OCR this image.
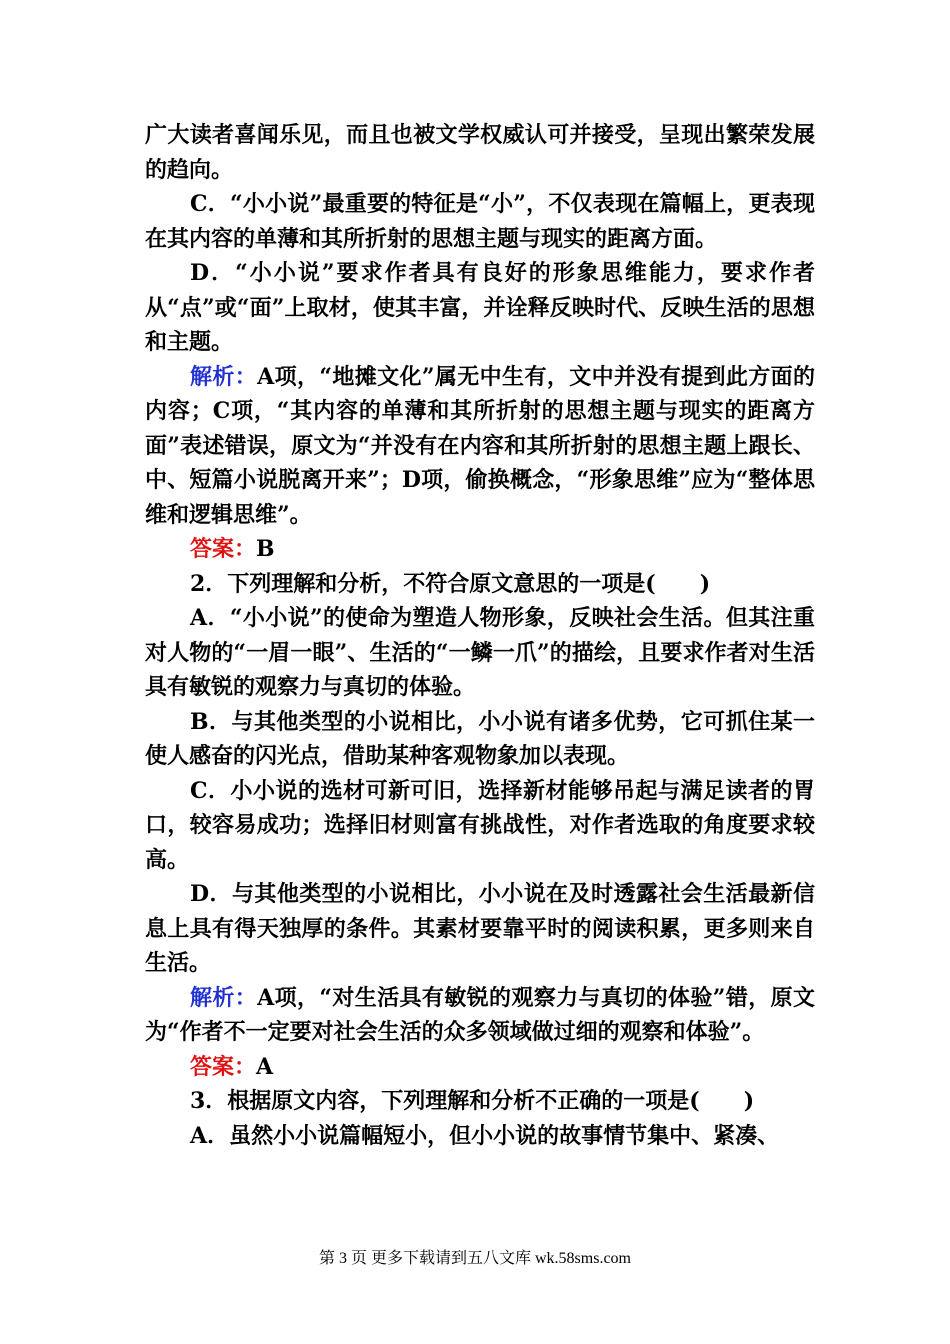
广大读者喜闻乐见，而且也被文学权威认可并接受，呈现出繁荣发展的趋向。

C．“小小说”最重要的特征是“小”，不仅表现在篇幅上，更表现在其内容的单薄和其所折射的思想主题与现实的距离方面。

D．“小小说”要求作者具有良好的形象思维能力，要求作者从“点”或“面”上取材，使其丰富，并诠释反映时代、反映生活的思想和主题。

解析：A项，“地摊文化”属无中生有，文中并没有提到此方面的内容；C项，“其内容的单薄和其所折射的思想主题与现实的距离方面”表述错误，原文为“并没有在内容和其所折射的思想主题上跟长、中、短篇小说脱离开来”；D项，偷换概念，“形象思维”应为“整体思维和逻辑思维”。

答案：B

2．下列理解和分析，不符合原文意思的一项是(　　)

A．“小小说”的使命为塑造人物形象，反映社会生活。但其注重对人物的“一眉一眼”、生活的“一鳞一爪”的描绘，且要求作者对生活具有敏锐的观察力与真切的体验。

B．与其他类型的小说相比，小小说有诸多优势，它可抓住某一使人感奋的闪光点，借助某种客观物象加以表现。

C．小小说的选材可新可旧，选择新材能够吊起与满足读者的胃口，较容易成功；选择旧材则富有挑战性，对作者选取的角度要求较高。

D．与其他类型的小说相比，小小说在及时透露社会生活最新信息上具有得天独厚的条件。其素材要靠平时的阅读积累，更多则来自生活。

解析：A项，“对生活具有敏锐的观察力与真切的体验”错，原文为“作者不一定要对社会生活的众多领域做过细的观察和体验”。

答案：A

3．根据原文内容，下列理解和分析不正确的一项是(　　)

A．虽然小小说篇幅短小，但小小说的故事情节集中、紧凑、

第 3 页 更多下载请到五八文库 wk.58sms.com
